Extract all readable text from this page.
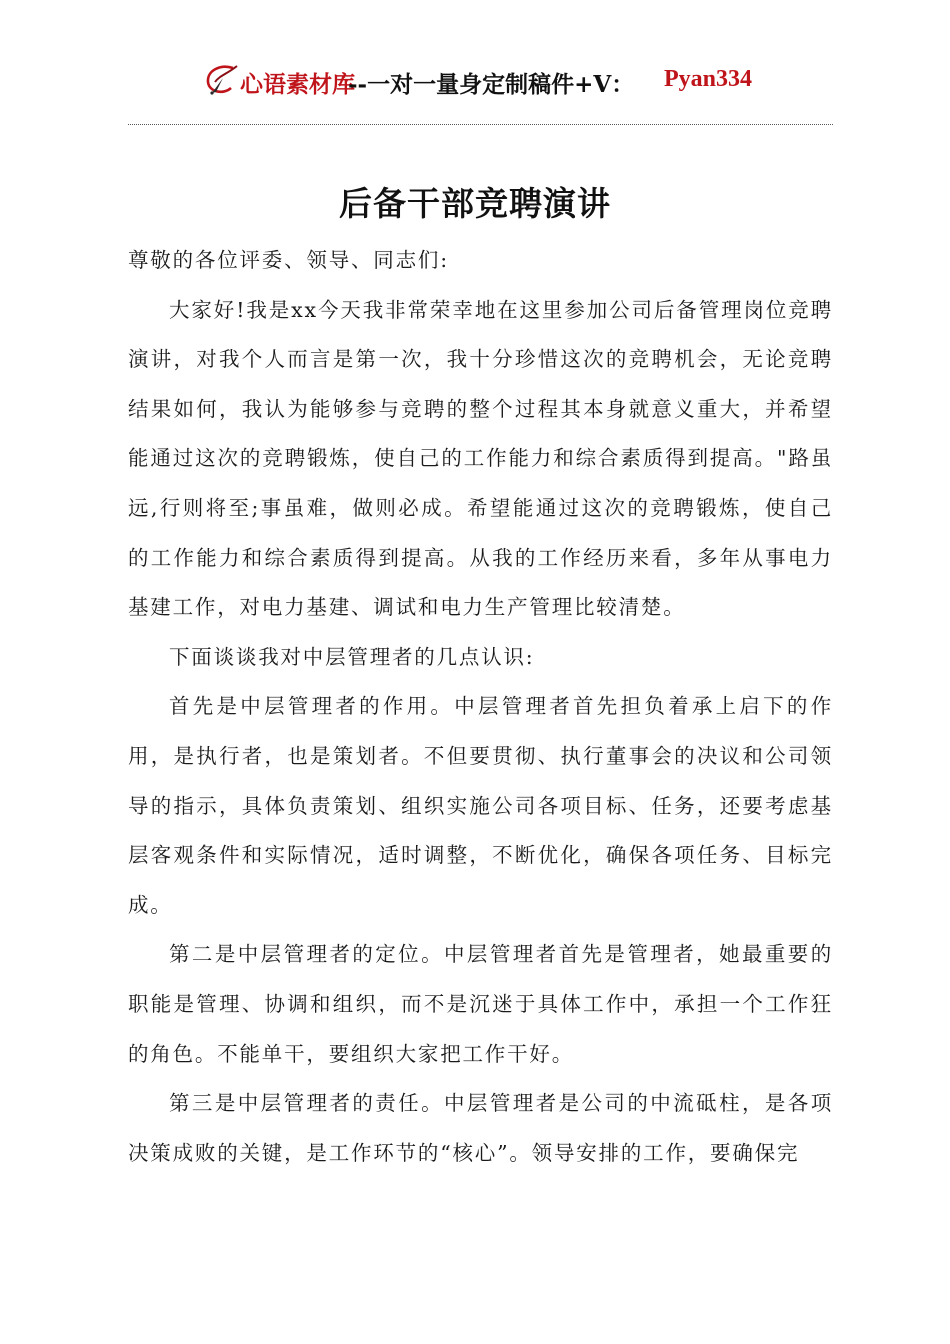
心语素材库
--一对一量身定制稿件+V： Pyan334
后备干部竞聘演讲

尊敬的各位评委、领导、同志们:

大家好!我是xx今天我非常荣幸地在这里参加公司后备管理岗位竞聘演讲，对我个人而言是第一次，我十分珍惜这次的竞聘机会，无论竞聘结果如何，我认为能够参与竞聘的整个过程其本身就意义重大，并希望能通过这次的竞聘锻炼，使自己的工作能力和综合素质得到提高。"路虽远,行则将至;事虽难，做则必成。希望能通过这次的竞聘锻炼，使自己的工作能力和综合素质得到提高。从我的工作经历来看，多年从事电力基建工作，对电力基建、调试和电力生产管理比较清楚。

下面谈谈我对中层管理者的几点认识:

首先是中层管理者的作用。中层管理者首先担负着承上启下的作用，是执行者，也是策划者。不但要贯彻、执行董事会的决议和公司领导的指示，具体负责策划、组织实施公司各项目标、任务，还要考虑基层客观条件和实际情况，适时调整，不断优化，确保各项任务、目标完成。

第二是中层管理者的定位。中层管理者首先是管理者，她最重要的职能是管理、协调和组织，而不是沉迷于具体工作中，承担一个工作狂的角色。不能单干，要组织大家把工作干好。

第三是中层管理者的责任。中层管理者是公司的中流砥柱，是各项决策成败的关键，是工作环节的“核心”。领导安排的工作，要确保完
